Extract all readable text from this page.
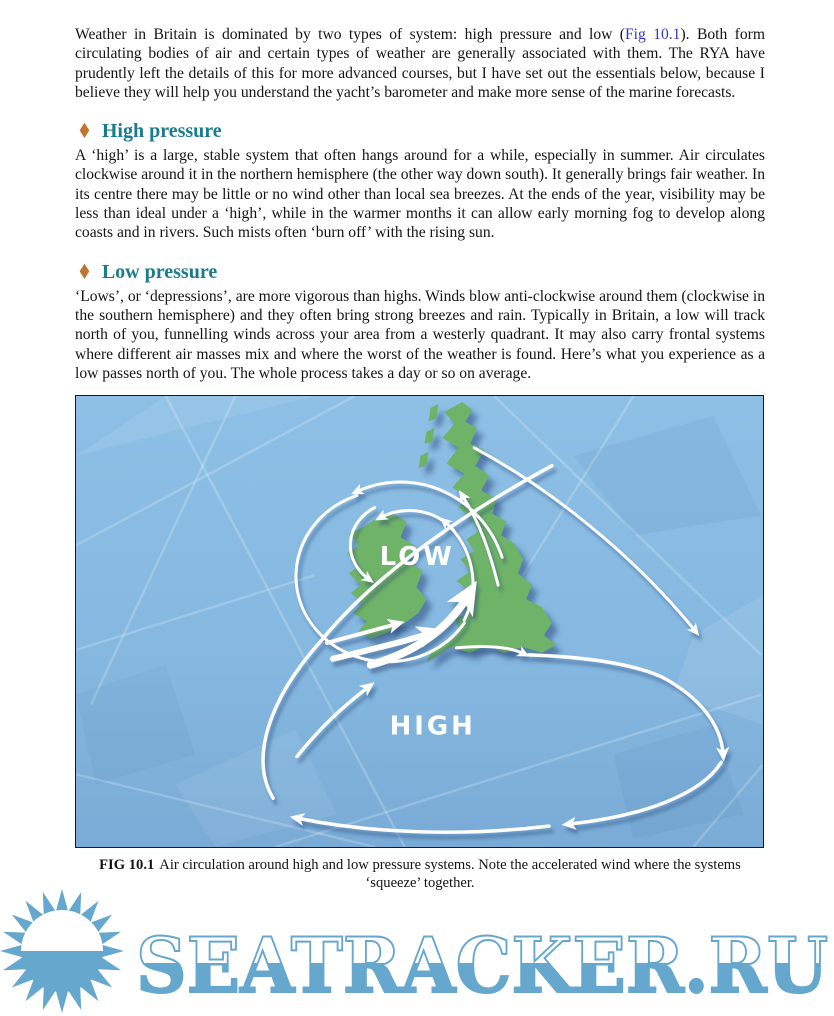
Weather in Britain is dominated by two types of system: high pressure and low (Fig 10.1). Both form circulating bodies of air and certain types of weather are generally associated with them. The RYA have prudently left the details of this for more advanced courses, but I have set out the essentials below, because I believe they will help you understand the yacht’s barometer and make more sense of the marine forecasts.

♦ High pressure

A ‘high’ is a large, stable system that often hangs around for a while, especially in summer. Air circulates clockwise around it in the northern hemisphere (the other way down south). It generally brings fair weather. In its centre there may be little or no wind other than local sea breezes. At the ends of the year, visibility may be less than ideal under a ‘high’, while in the warmer months it can allow early morning fog to develop along coasts and in rivers. Such mists often ‘burn off’ with the rising sun.

♦ Low pressure

‘Lows’, or ‘depressions’, are more vigorous than highs. Winds blow anti-clockwise around them (clockwise in the southern hemisphere) and they often bring strong breezes and rain. Typically in Britain, a low will track north of you, funnelling winds across your area from a westerly quadrant. It may also carry frontal systems where different air masses mix and where the worst of the weather is found. Here’s what you experience as a low passes north of you. The whole process takes a day or so on average.

LOW
HIGH
FIG 10.1 Air circulation around high and low pressure systems. Note the accelerated wind where the systems ‘squeeze’ together.
SEATRACKER.RU
